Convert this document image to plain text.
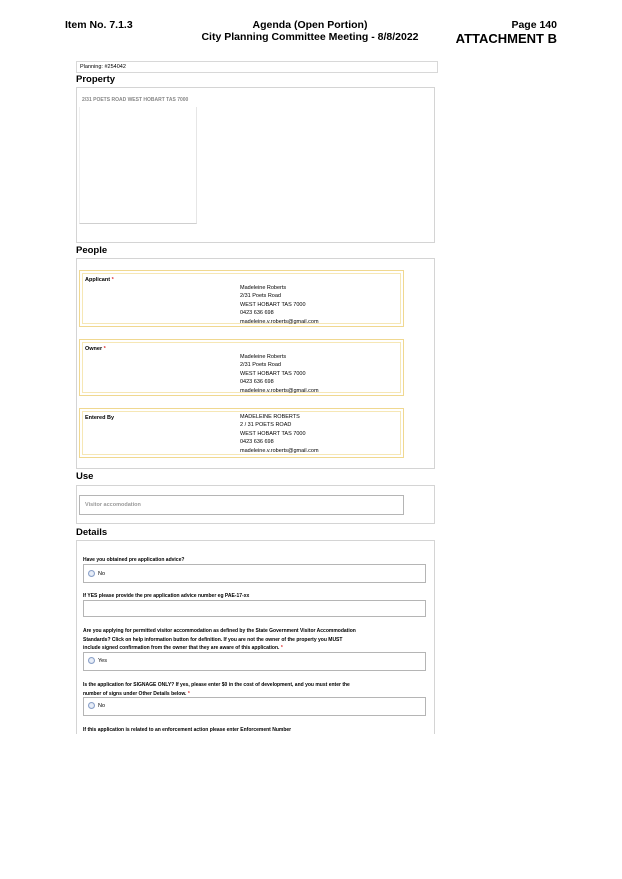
Item No. 7.1.3	Agenda (Open Portion)
City Planning Committee Meeting - 8/8/2022
Page 140
ATTACHMENT B
Planning: #254042
Property
2/31 POETS ROAD WEST HOBART TAS 7000
People
Applicant *
Madeleine Roberts
2/31 Poets Road
WEST HOBART TAS 7000
0423 636 698
madeleine.v.roberts@gmail.com
Owner *
Madeleine Roberts
2/31 Poets Road
WEST HOBART TAS 7000
0423 636 698
madeleine.v.roberts@gmail.com
Entered By	MADELEINE ROBERTS
2 / 31 POETS ROAD
WEST HOBART TAS 7000
0423 636 698
madeleine.v.roberts@gmail.com
Use
Visitor accomodation
Details
Have you obtained pre application advice?
No
If YES please provide the pre application advice number eg PAE-17-xx
Are you applying for permitted visitor accommodation as defined by the State Government Visitor Accommodation
Standards? Click on help information button for definition. If you are not the owner of the property you MUST
include signed confirmation from the owner that they are aware of this application. *
Yes
Is the application for SIGNAGE ONLY? If yes, please enter $0 in the cost of development, and you must enter the
number of signs under Other Details below. *
No
If this application is related to an enforcement action please enter Enforcement Number
